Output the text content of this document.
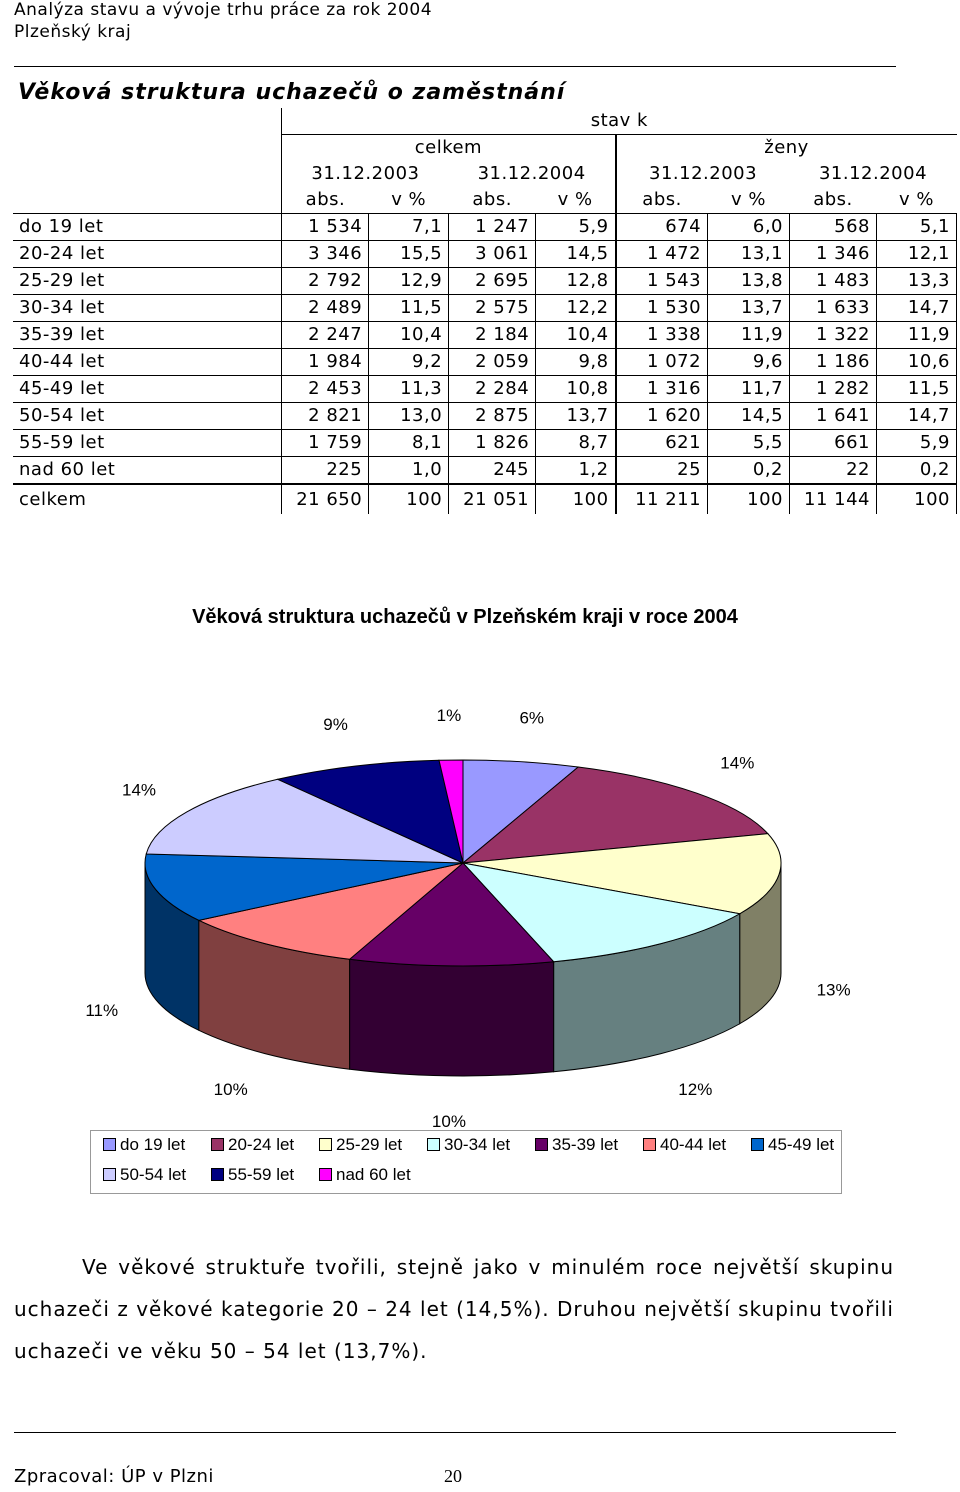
Analýza stavu a vývoje trhu práce za rok 2004
Plzeňský kraj
Věková struktura uchazečů o zaměstnání
	stav k							
	celkem				ženy			
	31.12.2003		31.12.2004		31.12.2003		31.12.2004	
	abs.	v %	abs.	v %	abs.	v %	abs.	v %
do 19 let	1 534	7,1	1 247	5,9	674	6,0	568	5,1
20-24 let	3 346	15,5	3 061	14,5	1 472	13,1	1 346	12,1
25-29 let	2 792	12,9	2 695	12,8	1 543	13,8	1 483	13,3
30-34 let	2 489	11,5	2 575	12,2	1 530	13,7	1 633	14,7
35-39 let	2 247	10,4	2 184	10,4	1 338	11,9	1 322	11,9
40-44 let	1 984	9,2	2 059	9,8	1 072	9,6	1 186	10,6
45-49 let	2 453	11,3	2 284	10,8	1 316	11,7	1 282	11,5
50-54 let	2 821	13,0	2 875	13,7	1 620	14,5	1 641	14,7
55-59 let	1 759	8,1	1 826	8,7	621	5,5	661	5,9
nad 60 let	225	1,0	245	1,2	25	0,2	22	0,2
celkem	21 650	100	21 051	100	11 211	100	11 144	100
Věková struktura uchazečů v Plzeňském kraji v roce 2004
6%
14%
13%
12%
10%
10%
11%
14%
9%	1%
do 19 let	20-24 let	25-29 let	30-34 let	35-39 let	40-44 let	45-49 let
50-54 let	55-59 let	nad 60 let
Ve věkové struktuře tvořili, stejně jako v minulém roce největší skupinu uchazeči z věkové kategorie 20 – 24 let (14,5%). Druhou největší skupinu tvořili uchazeči ve věku 50 – 54 let (13,7%).
Zpracoval: ÚP v Plzni	20
